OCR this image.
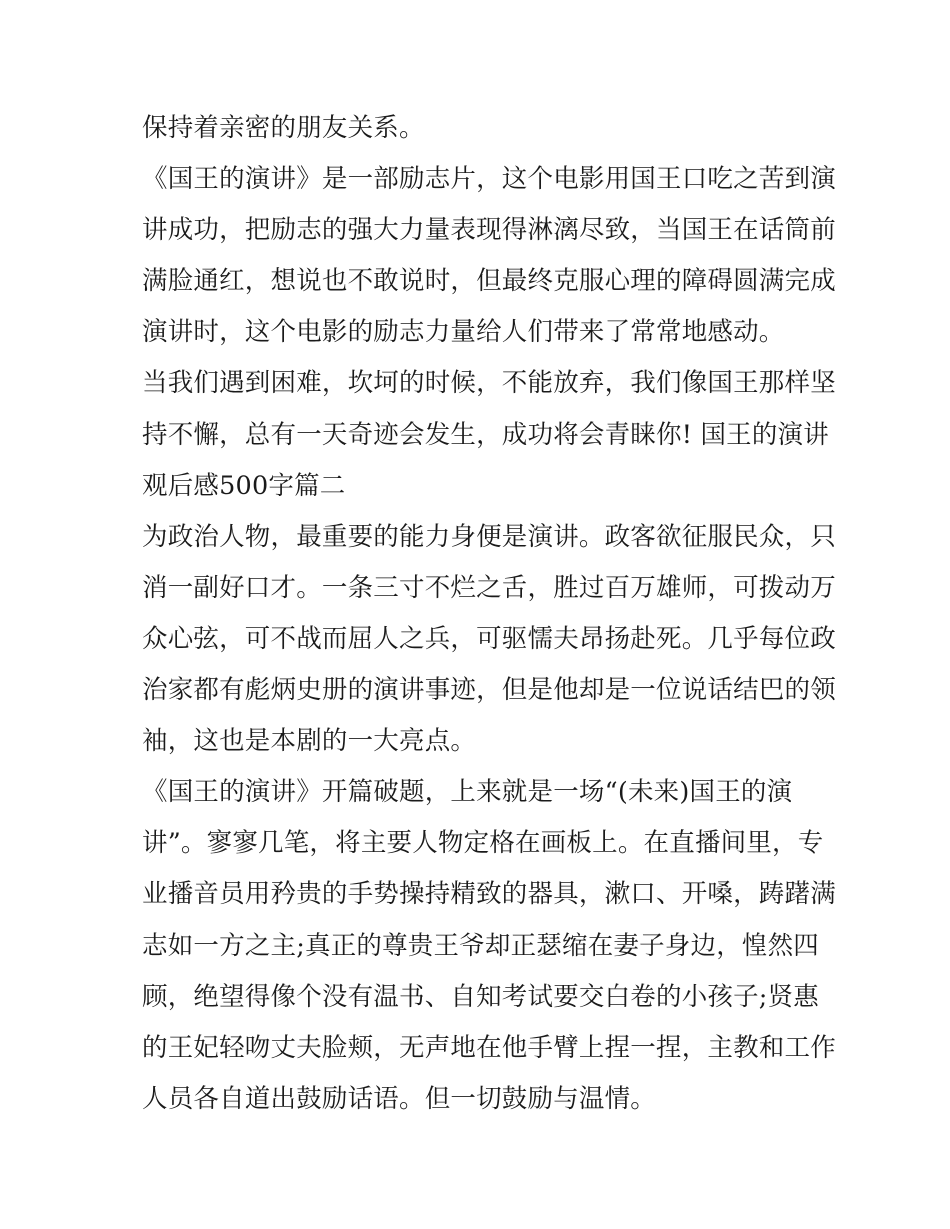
保持着亲密的朋友关系。
《国王的演讲》是一部励志片，这个电影用国王口吃之苦到演
讲成功，把励志的强大力量表现得淋漓尽致，当国王在话筒前
满脸通红，想说也不敢说时，但最终克服心理的障碍圆满完成
演讲时，这个电影的励志力量给人们带来了常常地感动。
当我们遇到困难，坎坷的时候，不能放弃，我们像国王那样坚
持不懈，总有一天奇迹会发生，成功将会青睐你! 国王的演讲
观后感500字篇二
为政治人物，最重要的能力身便是演讲。政客欲征服民众，只
消一副好口才。一条三寸不烂之舌，胜过百万雄师，可拨动万
众心弦，可不战而屈人之兵，可驱懦夫昂扬赴死。几乎每位政
治家都有彪炳史册的演讲事迹，但是他却是一位说话结巴的领
袖，这也是本剧的一大亮点。
《国王的演讲》开篇破题，上来就是一场“(未来)国王的演
讲”。寥寥几笔，将主要人物定格在画板上。在直播间里，专
业播音员用矜贵的手势操持精致的器具，漱口、开嗓，踌躇满
志如一方之主;真正的尊贵王爷却正瑟缩在妻子身边，惶然四
顾，绝望得像个没有温书、自知考试要交白卷的小孩子;贤惠
的王妃轻吻丈夫脸颊，无声地在他手臂上捏一捏，主教和工作
人员各自道出鼓励话语。但一切鼓励与温情。
